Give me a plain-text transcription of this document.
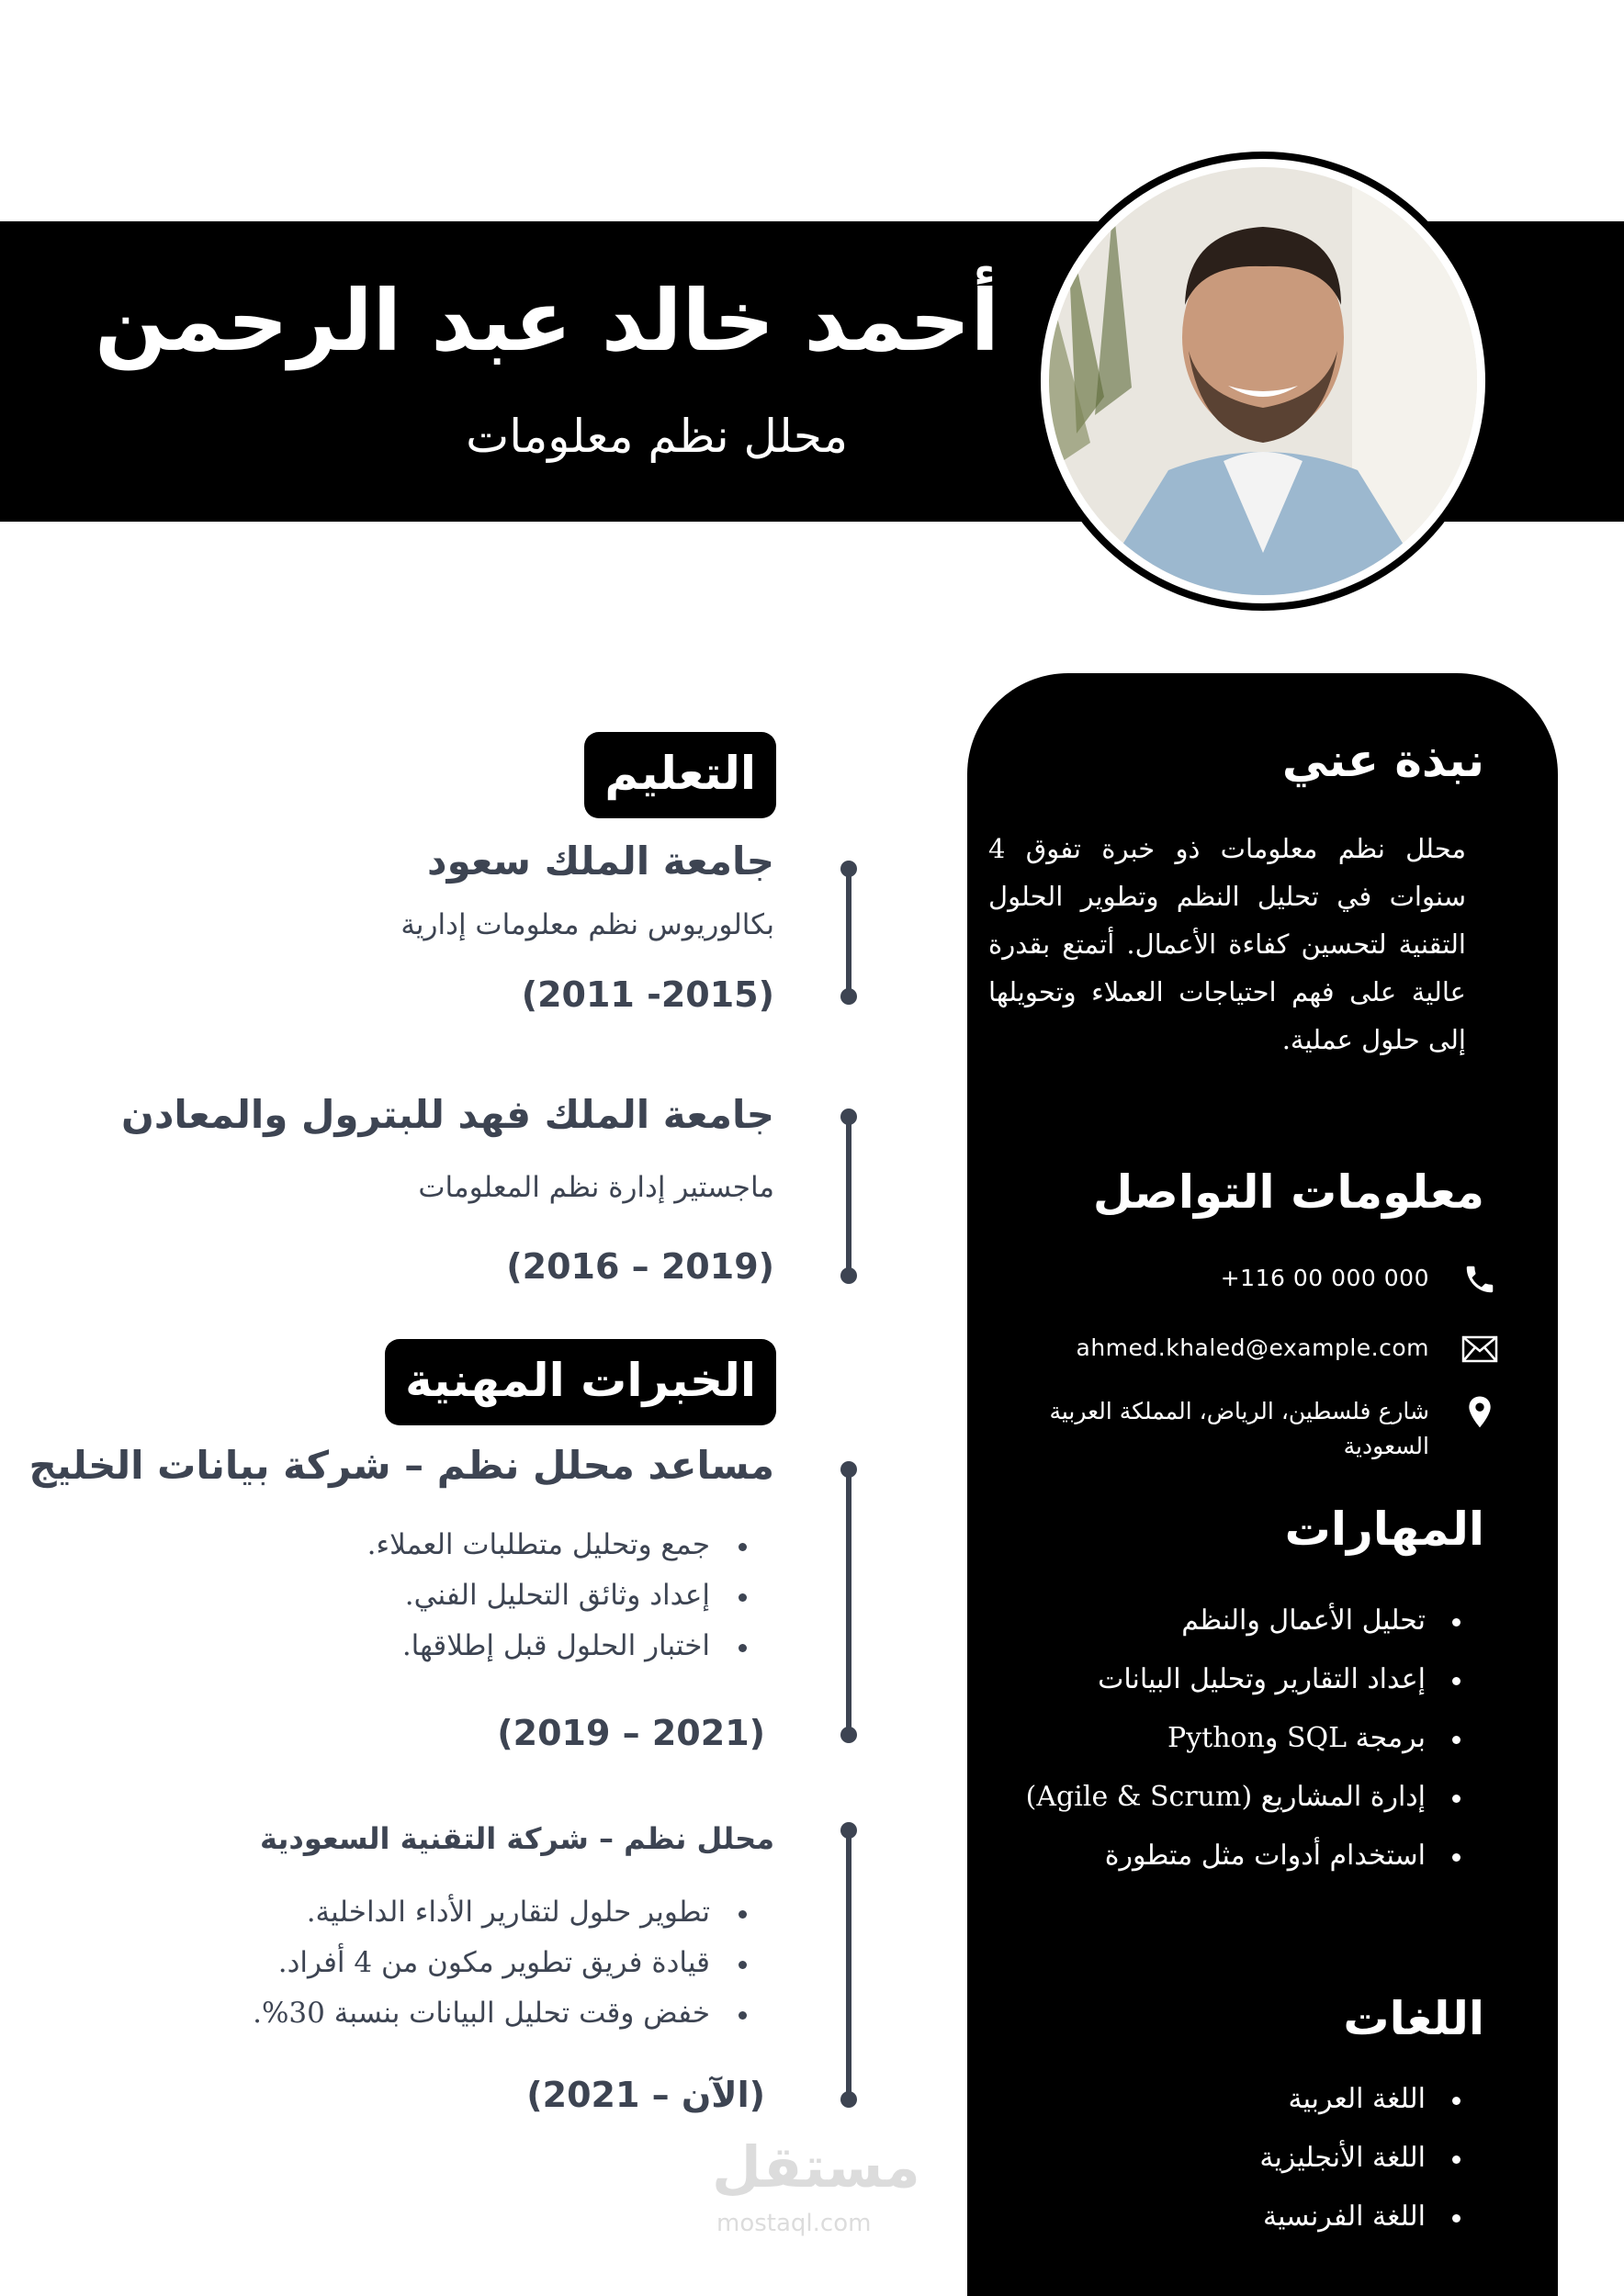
أحمد خالد عبد الرحمن
محلل نظم معلومات
نبذة عني
محلل نظم معلومات ذو خبرة تفوق 4 سنوات في تحليل النظم وتطوير الحلول التقنية لتحسين كفاءة الأعمال. أتمتع بقدرة عالية على فهم احتياجات العملاء وتحويلها إلى حلول عملية.
معلومات التواصل
+116 00 000 000
ahmed.khaled@example.com
شارع فلسطين، الرياض، المملكة العربية السعودية
المهارات
تحليل الأعمال والنظم
إعداد التقارير وتحليل البيانات
برمجة SQL وPython
إدارة المشاريع (Agile & Scrum)
استخدام أدوات مثل متطورة
اللغات
اللغة العربية
اللغة الأنجليزية
اللغة الفرنسية
التعليم
جامعة الملك سعود
بكالوريوس نظم معلومات إدارية
(2011 -2015)
جامعة الملك فهد للبترول والمعادن
ماجستير إدارة نظم المعلومات
(2016 – 2019)
الخبرات المهنية
مساعد محلل نظم – شركة بيانات الخليج
جمع وتحليل متطلبات العملاء.
إعداد وثائق التحليل الفني.
اختبار الحلول قبل إطلاقها.
(2019 – 2021)
محلل نظم – شركة التقنية السعودية
تطوير حلول لتقارير الأداء الداخلية.
قيادة فريق تطوير مكون من 4 أفراد.
خفض وقت تحليل البيانات بنسبة 30%.
(الآن – 2021)
مستقل
mostaql.com
